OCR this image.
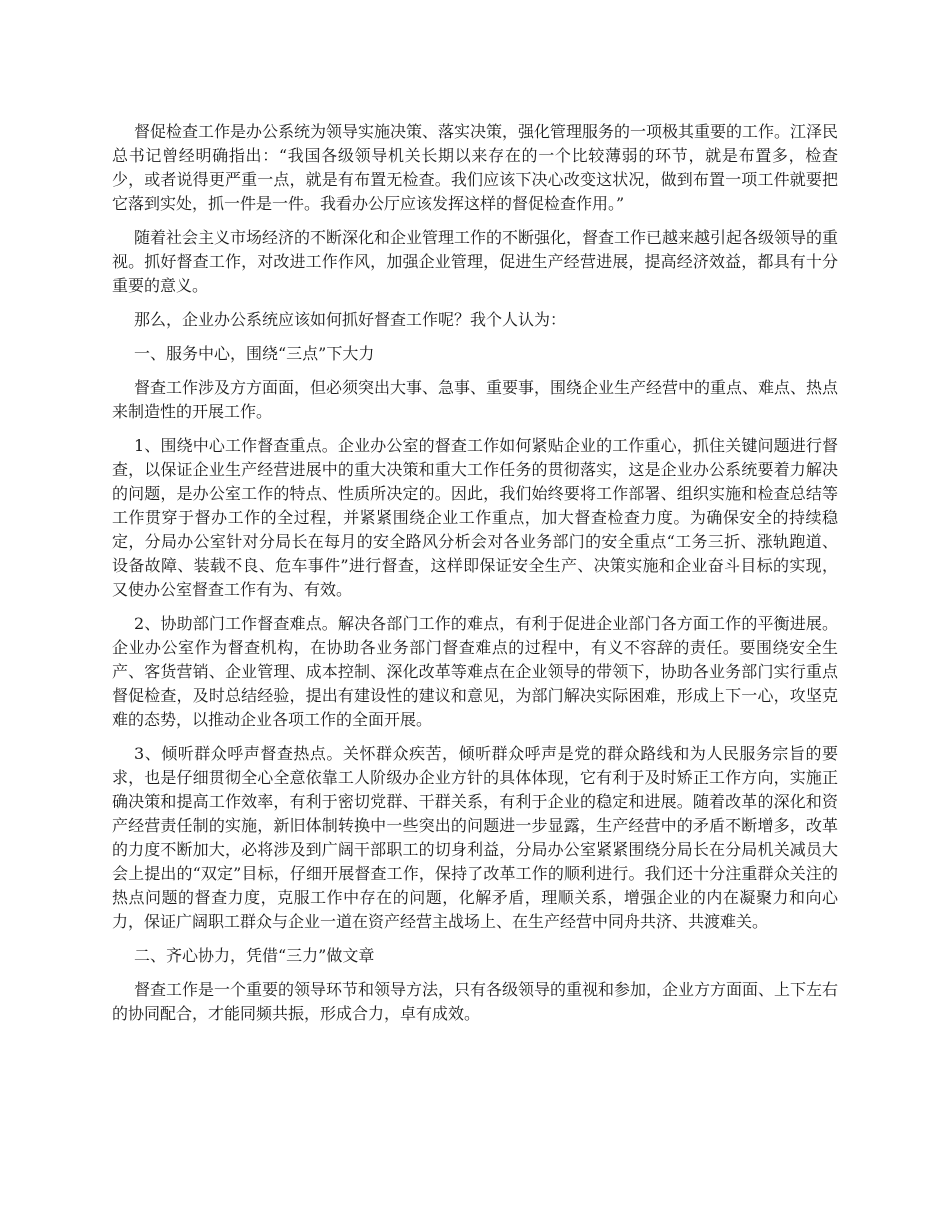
督促检查工作是办公系统为领导实施决策、落实决策，强化管理服务的一项极其重要的工作。江泽民总书记曾经明确指出：“我国各级领导机关长期以来存在的一个比较薄弱的环节，就是布置多，检查少，或者说得更严重一点，就是有布置无检查。我们应该下决心改变这状况，做到布置一项工件就要把它落到实处，抓一件是一件。我看办公厅应该发挥这样的督促检查作用。”

随着社会主义市场经济的不断深化和企业管理工作的不断强化，督查工作已越来越引起各级领导的重视。抓好督查工作，对改进工作作风，加强企业管理，促进生产经营进展，提高经济效益，都具有十分重要的意义。

那么，企业办公系统应该如何抓好督查工作呢？我个人认为：

一、服务中心，围绕“三点”下大力

督查工作涉及方方面面，但必须突出大事、急事、重要事，围绕企业生产经营中的重点、难点、热点来制造性的开展工作。

1、围绕中心工作督查重点。企业办公室的督查工作如何紧贴企业的工作重心，抓住关键问题进行督查，以保证企业生产经营进展中的重大决策和重大工作任务的贯彻落实，这是企业办公系统要着力解决的问题，是办公室工作的特点、性质所决定的。因此，我们始终要将工作部署、组织实施和检查总结等工作贯穿于督办工作的全过程，并紧紧围绕企业工作重点，加大督查检查力度。为确保安全的持续稳定，分局办公室针对分局长在每月的安全路风分析会对各业务部门的安全重点“工务三折、涨轨跑道、设备故障、装载不良、危车事件”进行督查，这样即保证安全生产、决策实施和企业奋斗目标的实现，又使办公室督查工作有为、有效。

2、协助部门工作督查难点。解决各部门工作的难点，有利于促进企业部门各方面工作的平衡进展。企业办公室作为督查机构，在协助各业务部门督查难点的过程中，有义不容辞的责任。要围绕安全生产、客货营销、企业管理、成本控制、深化改革等难点在企业领导的带领下，协助各业务部门实行重点督促检查，及时总结经验，提出有建设性的建议和意见，为部门解决实际困难，形成上下一心，攻坚克难的态势，以推动企业各项工作的全面开展。

3、倾听群众呼声督查热点。关怀群众疾苦，倾听群众呼声是党的群众路线和为人民服务宗旨的要求，也是仔细贯彻全心全意依靠工人阶级办企业方针的具体体现，它有利于及时矫正工作方向，实施正确决策和提高工作效率，有利于密切党群、干群关系，有利于企业的稳定和进展。随着改革的深化和资产经营责任制的实施，新旧体制转换中一些突出的问题进一步显露，生产经营中的矛盾不断增多，改革的力度不断加大，必将涉及到广阔干部职工的切身利益，分局办公室紧紧围绕分局长在分局机关减员大会上提出的“双定”目标，仔细开展督查工作，保持了改革工作的顺利进行。我们还十分注重群众关注的热点问题的督查力度，克服工作中存在的问题，化解矛盾，理顺关系，增强企业的内在凝聚力和向心力，保证广阔职工群众与企业一道在资产经营主战场上、在生产经营中同舟共济、共渡难关。

二、齐心协力，凭借“三力”做文章

督查工作是一个重要的领导环节和领导方法，只有各级领导的重视和参加，企业方方面面、上下左右的协同配合，才能同频共振，形成合力，卓有成效。
